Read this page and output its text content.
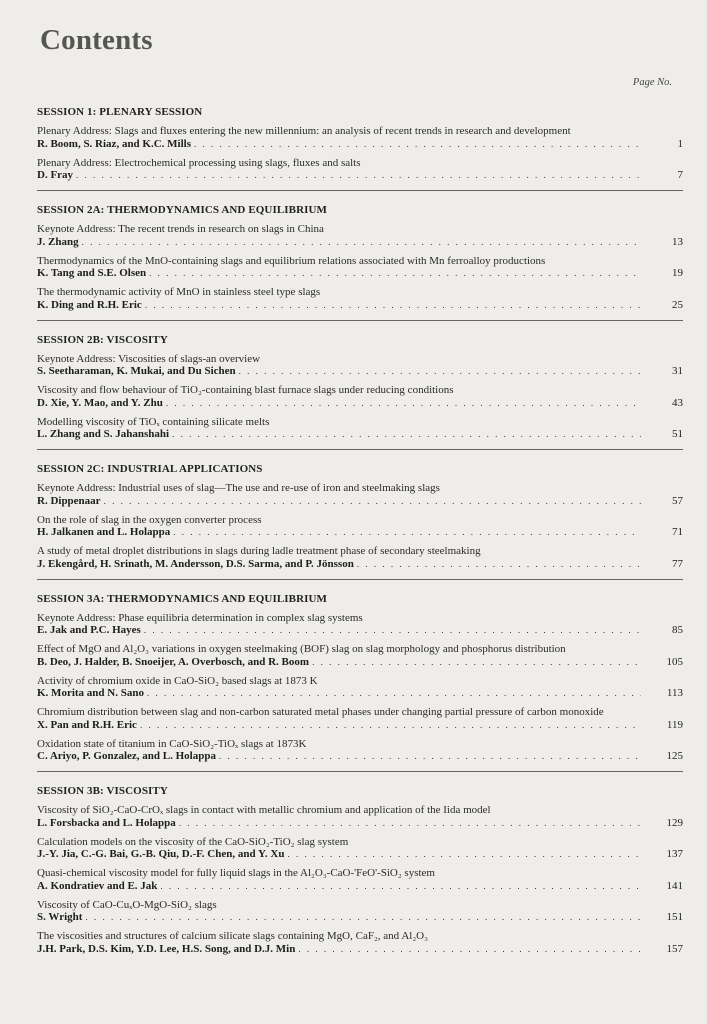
Contents
Page No.
SESSION 1: PLENARY SESSION
Plenary Address: Slags and fluxes entering the new millennium: an analysis of recent trends in research and development
R. Boom, S. Riaz, and K.C. Mills . . .	1
Plenary Address: Electrochemical processing using slags, fluxes and salts
D. Fray . . .	7
SESSION 2A: THERMODYNAMICS AND EQUILIBRIUM
Keynote Address: The recent trends in research on slags in China
J. Zhang . . .	13
Thermodynamics of the MnO-containing slags and equilibrium relations associated with Mn ferroalloy productions
K. Tang and S.E. Olsen . . .	19
The thermodynamic activity of MnO in stainless steel type slags
K. Ding and R.H. Eric . . .	25
SESSION 2B: VISCOSITY
Keynote Address: Viscosities of slags-an overview
S. Seetharaman, K. Mukai, and Du Sichen . . .	31
Viscosity and flow behaviour of TiO₂-containing blast furnace slags under reducing conditions
D. Xie, Y. Mao, and Y. Zhu . . .	43
Modelling viscosity of TiOₓ containing silicate melts
L. Zhang and S. Jahanshahi . . .	51
SESSION 2C: INDUSTRIAL APPLICATIONS
Keynote Address: Industrial uses of slag—The use and re-use of iron and steelmaking slags
R. Dippenaar . . .	57
On the role of slag in the oxygen converter process
H. Jalkanen and L. Holappa . . .	71
A study of metal droplet distributions in slags during ladle treatment phase of secondary steelmaking
J. Ekengård, H. Srinath, M. Andersson, D.S. Sarma, and P. Jönsson . . .	77
SESSION 3A: THERMODYNAMICS AND EQUILIBRIUM
Keynote Address: Phase equilibria determination in complex slag systems
E. Jak and P.C. Hayes . . .	85
Effect of MgO and Al₂O₃ variations in oxygen steelmaking (BOF) slag on slag morphology and phosphorus distribution
B. Deo, J. Halder, B. Snoeijer, A. Overbosch, and R. Boom . . .	105
Activity of chromium oxide in CaO-SiO₂ based slags at 1873 K
K. Morita and N. Sano . . .	113
Chromium distribution between slag and non-carbon saturated metal phases under changing partial pressure of carbon monoxide
X. Pan and R.H. Eric . . .	119
Oxidation state of titanium in CaO-SiO₂-TiOₓ slags at 1873K
C. Ariyo, P. Gonzalez, and L. Holappa . . .	125
SESSION 3B: VISCOSITY
Viscosity of SiO₂-CaO-CrOₓ slags in contact with metallic chromium and application of the Iida model
L. Forsbacka and L. Holappa . . .	129
Calculation models on the viscosity of the CaO-SiO₂-TiO₂ slag system
J.-Y. Jia, C.-G. Bai, G.-B. Qiu, D.-F. Chen, and Y. Xu . . .	137
Quasi-chemical viscosity model for fully liquid slags in the Al₂O₃-CaO-'FeO'-SiO₂ system
A. Kondratiev and E. Jak . . .	141
Viscosity of CaO-CuₓO-MgO-SiO₂ slags
S. Wright . . .	151
The viscosities and structures of calcium silicate slags containing MgO, CaF₂, and Al₂O₃
J.H. Park, D.S. Kim, Y.D. Lee, H.S. Song, and D.J. Min . . .	157
